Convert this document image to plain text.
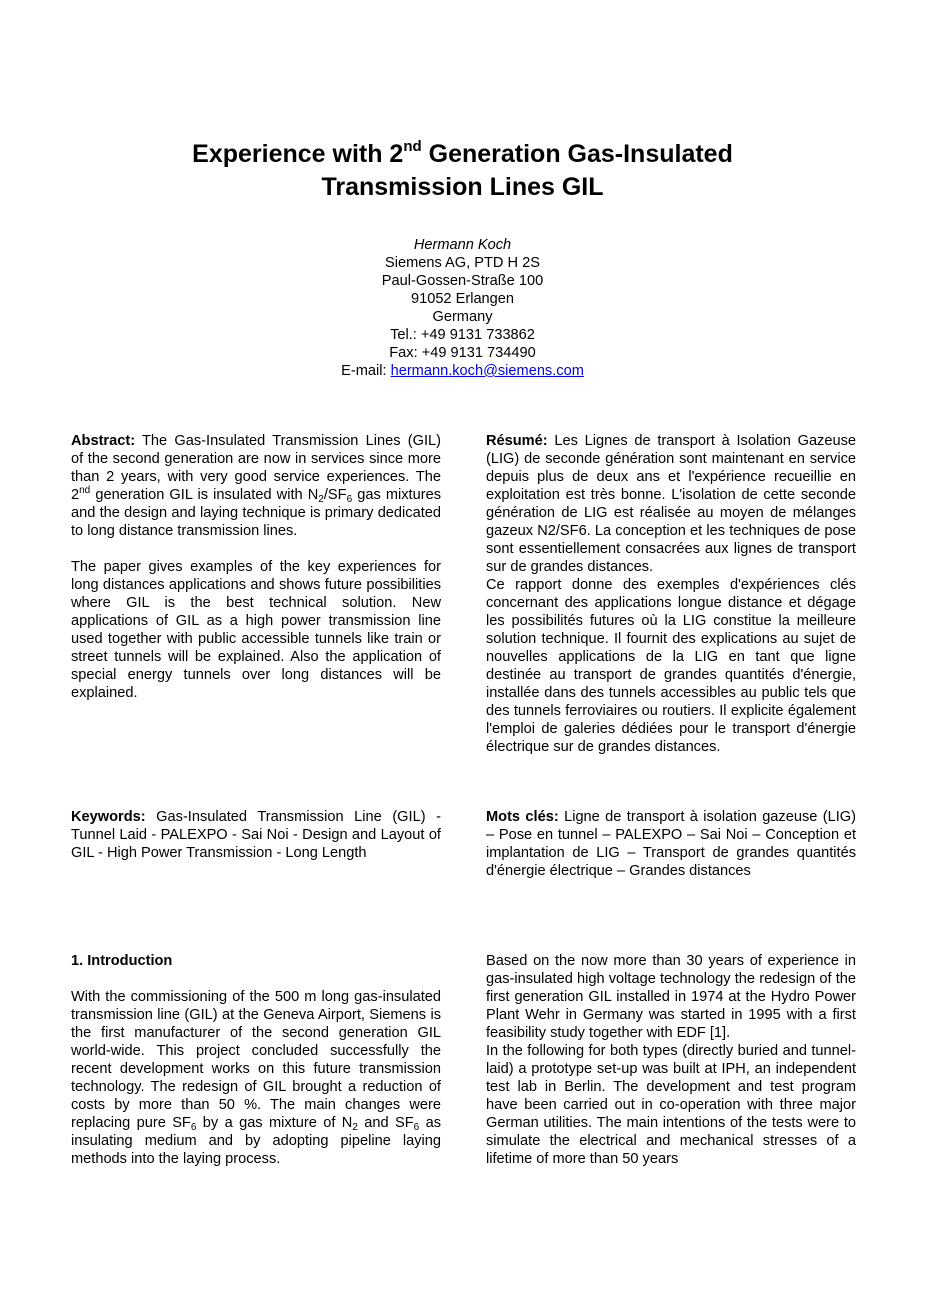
Experience with 2nd Generation Gas-Insulated
Transmission Lines GIL
Hermann Koch
Siemens AG, PTD H 2S
Paul-Gossen-Straße 100
91052 Erlangen
Germany
Tel.: +49 9131 733862
Fax: +49 9131 734490
E-mail: hermann.koch@siemens.com

Abstract: The Gas-Insulated Transmission Lines (GIL) of the second generation are now in services since more than 2 years, with very good service experiences. The 2nd generation GIL is insulated with $N_2/SF_6$ gas mixtures and the design and laying technique is primary dedicated to long distance transmission lines.

The paper gives examples of the key experiences for long distances applications and shows future possibilities where GIL is the best technical solution. New applications of GIL as a high power transmission line used together with public accessible tunnels like train or street tunnels will be explained. Also the application of special energy tunnels over long distances will be explained.

Résumé: Les Lignes de transport à Isolation Gazeuse (LIG) de seconde génération sont maintenant en service depuis plus de deux ans et l'expérience recueillie en exploitation est très bonne. L'isolation de cette seconde génération de LIG est réalisée au moyen de mélanges gazeux N2/SF6. La conception et les techniques de pose sont essentiellement consacrées aux lignes de transport sur de grandes distances.

Ce rapport donne des exemples d'expériences clés concernant des applications longue distance et dégage les possibilités futures où la LIG constitue la meilleure solution technique. Il fournit des explications au sujet de nouvelles applications de la LIG en tant que ligne destinée au transport de grandes quantités d'énergie, installée dans des tunnels accessibles au public tels que des tunnels ferroviaires ou routiers. Il explicite également l'emploi de galeries dédiées pour le transport d'énergie électrique sur de grandes distances.

Keywords: Gas-Insulated Transmission Line (GIL) - Tunnel Laid - PALEXPO - Sai Noi - Design and Layout of GIL - High Power Transmission - Long Length

Mots clés: Ligne de transport à isolation gazeuse (LIG) – Pose en tunnel – PALEXPO – Sai Noi – Conception et implantation de LIG – Transport de grandes quantités d'énergie électrique – Grandes distances

1. Introduction

With the commissioning of the 500 m long gas-insulated transmission line (GIL) at the Geneva Airport, Siemens is the first manufacturer of the second generation GIL world-wide. This project concluded successfully the recent development works on this future transmission technology. The redesign of GIL brought a reduction of costs by more than 50 %. The main changes were replacing pure $SF_6$ by a gas mixture of $N_2$ and $SF_6$ as insulating medium and by adopting pipeline laying methods into the laying process.

Based on the now more than 30 years of experience in gas-insulated high voltage technology the redesign of the first generation GIL installed in 1974 at the Hydro Power Plant Wehr in Germany was started in 1995 with a first feasibility study together with EDF [1].

In the following for both types (directly buried and tunnel-laid) a prototype set-up was built at IPH, an independent test lab in Berlin. The development and test program have been carried out in co-operation with three major German utilities. The main intentions of the tests were to simulate the electrical and mechanical stresses of a lifetime of more than 50 years
